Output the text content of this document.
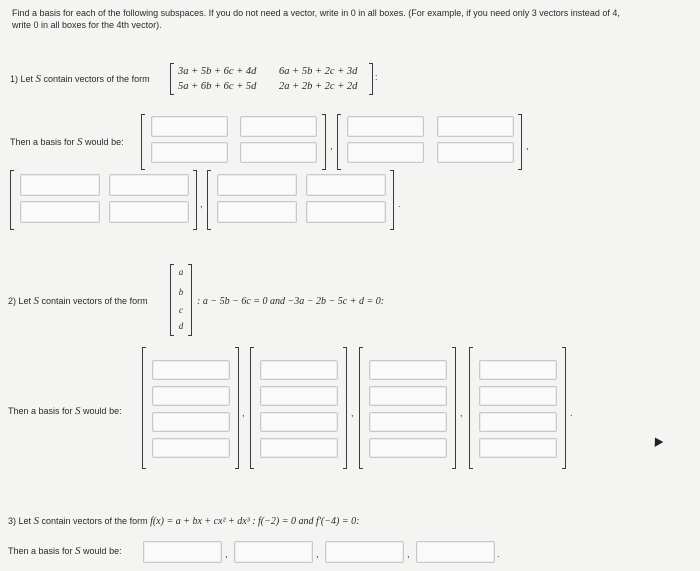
Find a basis for each of the following subspaces. If you do not need a vector, write in 0 in all boxes. (For example, if you need only 3 vectors instead of 4,
write 0 in all boxes for the 4th vector).
1) Let S contain vectors of the form
3a + 5b + 6c + 4d 6a + 5b + 2c + 3d
5a + 6b + 6c + 5d 2a + 2b + 2c + 2d
:
Then a basis for S would be:	,	,
,	.
2) Let S contain vectors of the form
a
b
c
d
: a − 5b − 6c = 0 and −3a − 2b − 5c + d = 0:
Then a basis for S would be:	,	,	,	.
3) Let S contain vectors of the form f(x) = a + bx + cx² + dx³ : f(−2) = 0 and f′(−4) = 0:
Then a basis for S would be:	,	,	,	.
